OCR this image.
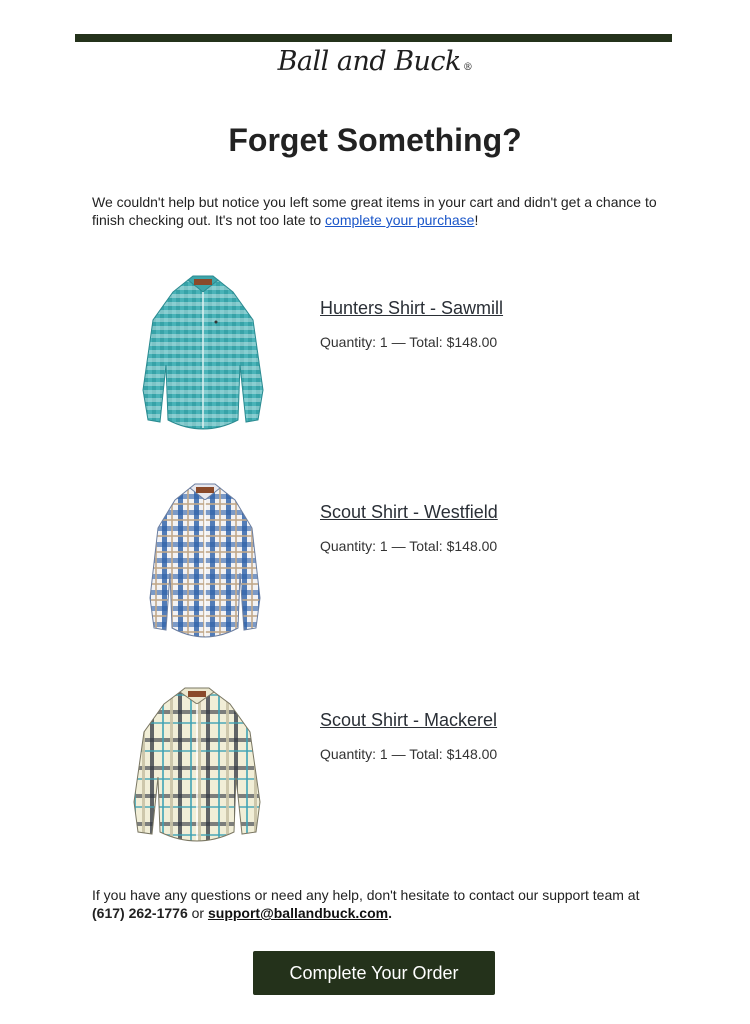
Ball and Buck ®
Forget Something?

We couldn't help but notice you left some great items in your cart and didn't get a chance to finish checking out. It's not too late to complete your purchase!

Hunters Shirt - Sawmill
Quantity: 1 — Total: $148.00
Scout Shirt - Westfield
Quantity: 1 — Total: $148.00
Scout Shirt - Mackerel
Quantity: 1 — Total: $148.00

If you have any questions or need any help, don't hesitate to contact our support team at (617) 262-1776 or support@ballandbuck.com.

Complete Your Order
